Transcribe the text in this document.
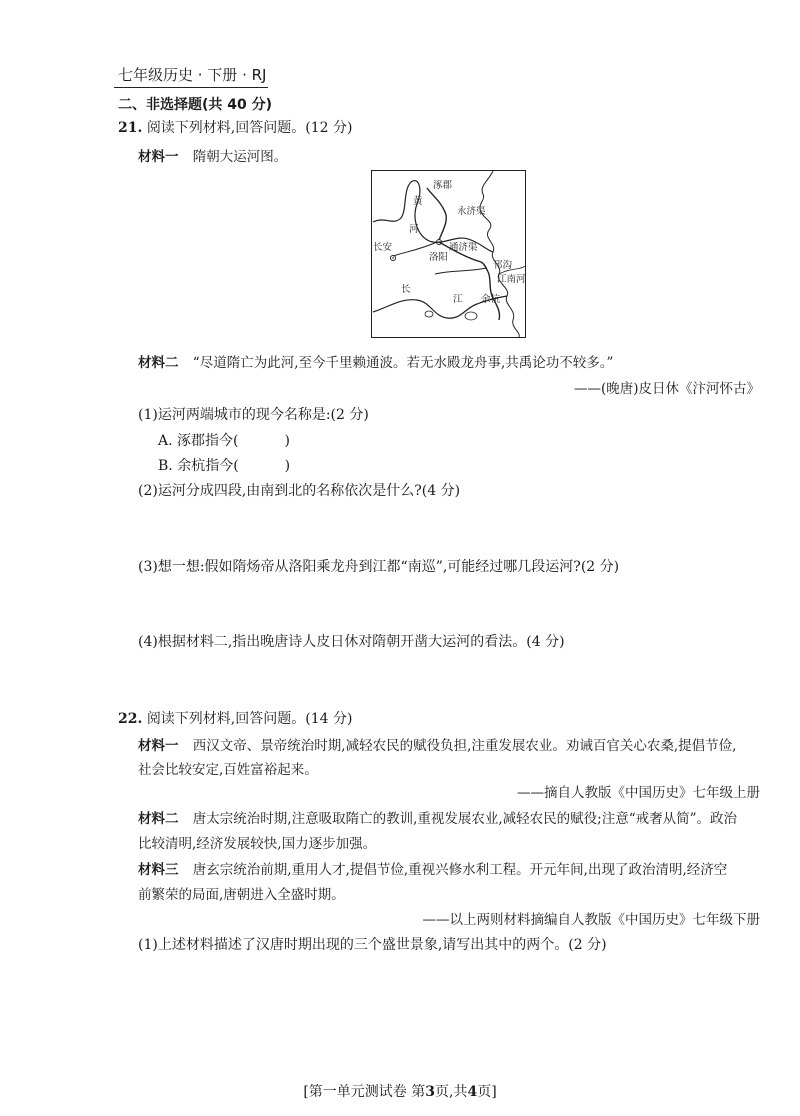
七年级历史 · 下册 · RJ
二、非选择题(共 40 分)
21. 阅读下列材料,回答问题。(12 分)
材料一 隋朝大运河图。
涿郡
永济渠
黄
河
长安	通济渠
洛阳
邗沟
江南河
长
江 余杭
材料二 “尽道隋亡为此河,至今千里赖通波。若无水殿龙舟事,共禹论功不较多。”
——(晚唐)皮日休《汴河怀古》
(1)运河两端城市的现今名称是:(2 分)
A. 涿郡指今(	)
B. 余杭指今(	)
(2)运河分成四段,由南到北的名称依次是什么?(4 分)
(3)想一想:假如隋炀帝从洛阳乘龙舟到江都“南巡”,可能经过哪几段运河?(2 分)
(4)根据材料二,指出晚唐诗人皮日休对隋朝开凿大运河的看法。(4 分)
22. 阅读下列材料,回答问题。(14 分)
材料一 西汉文帝、景帝统治时期,减轻农民的赋役负担,注重发展农业。劝诫百官关心农桑,提倡节俭,
社会比较安定,百姓富裕起来。
——摘自人教版《中国历史》七年级上册
材料二 唐太宗统治时期,注意吸取隋亡的教训,重视发展农业,减轻农民的赋役;注意“戒奢从简”。政治
比较清明,经济发展较快,国力逐步加强。
材料三 唐玄宗统治前期,重用人才,提倡节俭,重视兴修水利工程。开元年间,出现了政治清明,经济空
前繁荣的局面,唐朝进入全盛时期。
——以上两则材料摘编自人教版《中国历史》七年级下册
(1)上述材料描述了汉唐时期出现的三个盛世景象,请写出其中的两个。(2 分)
[第一单元测试卷 第3页,共4页]
